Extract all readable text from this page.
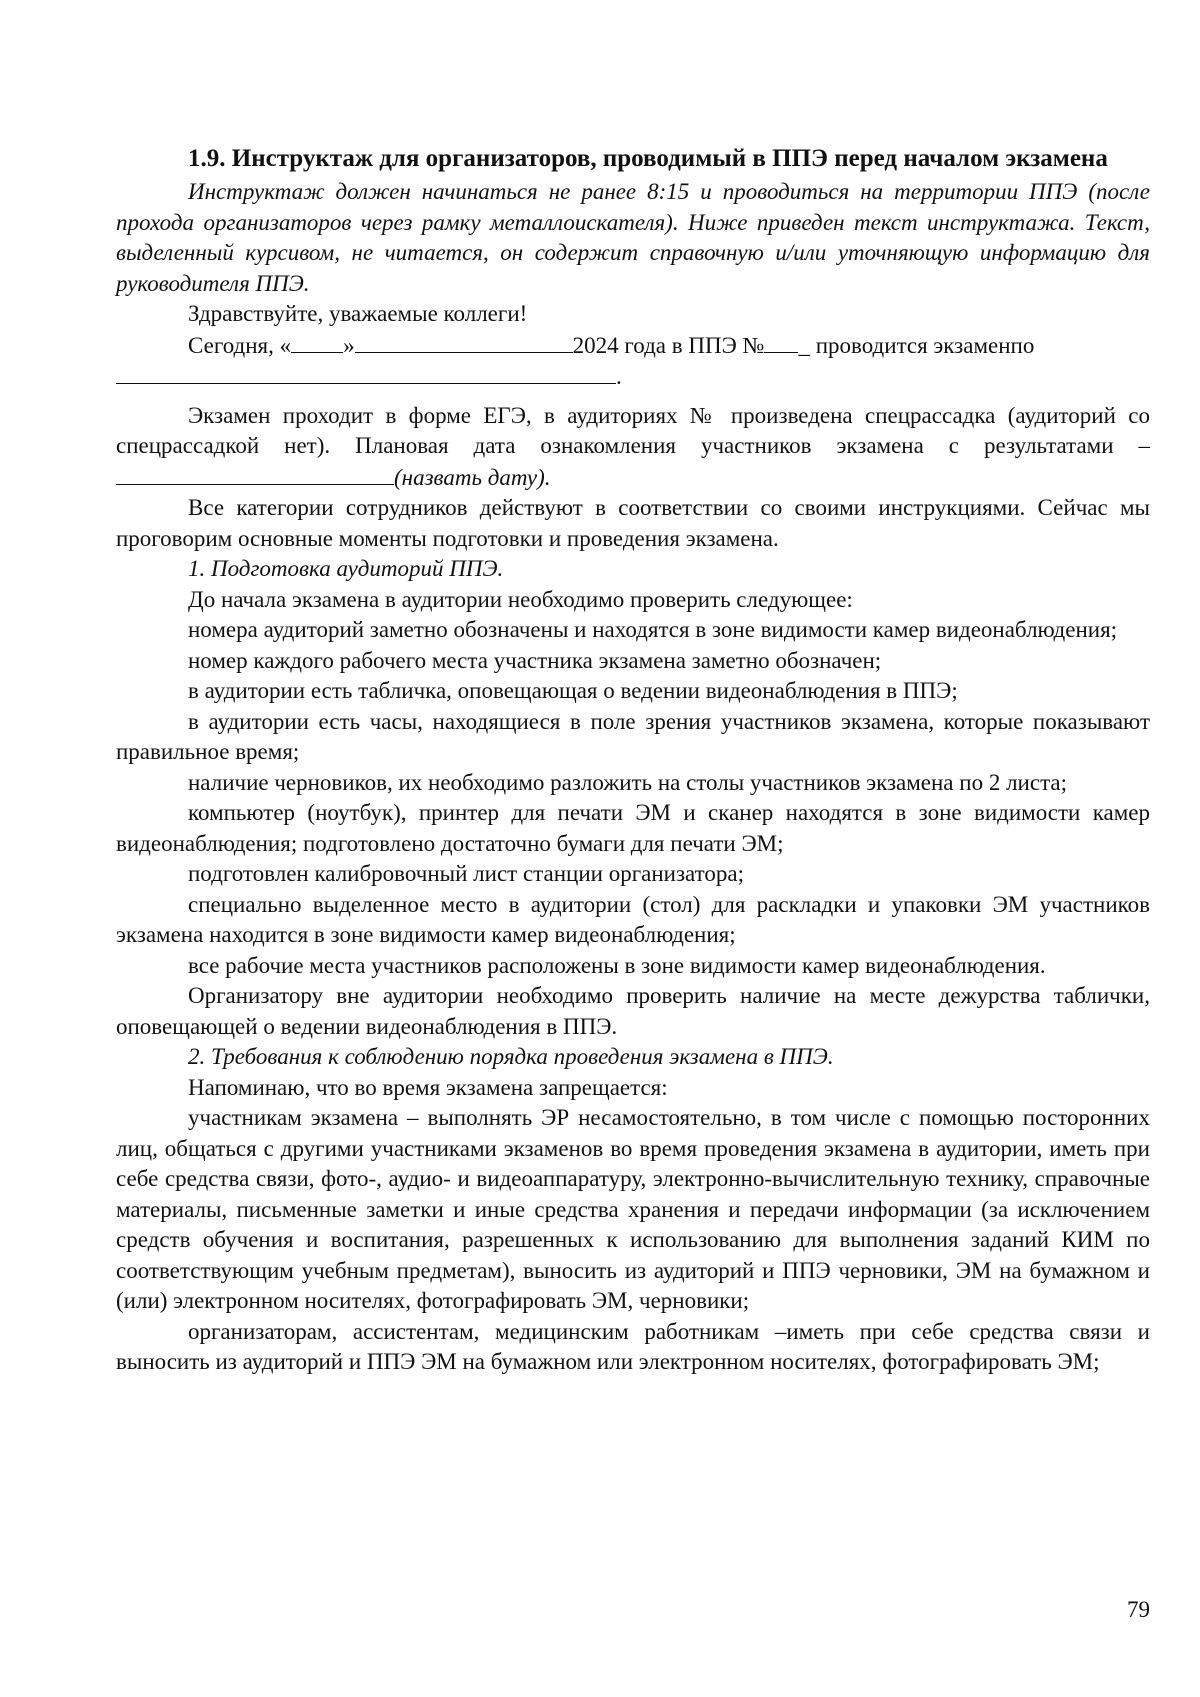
1.9. Инструктаж для организаторов, проводимый в ППЭ перед началом экзамена

Инструктаж должен начинаться не ранее 8:15 и проводиться на территории ППЭ (после прохода организаторов через рамку металлоискателя). Ниже приведен текст инструктажа. Текст, выделенный курсивом, не читается, он содержит справочную и/или уточняющую информацию для руководителя ППЭ.

Здравствуйте, уважаемые коллеги!

Сегодня, « »	2024 года в ППЭ № _ проводится экзаменпо
.

Экзамен проходит в форме ЕГЭ, в аудиториях № произведена спецрассадка (аудиторий со спецрассадкой нет). Плановая дата ознакомления участников экзамена с результатами –(назвать дату).

Все категории сотрудников действуют в соответствии со своими инструкциями. Сейчас мы проговорим основные моменты подготовки и проведения экзамена.

1. Подготовка аудиторий ППЭ.

До начала экзамена в аудитории необходимо проверить следующее:

номера аудиторий заметно обозначены и находятся в зоне видимости камер видеонаблюдения;

номер каждого рабочего места участника экзамена заметно обозначен;

в аудитории есть табличка, оповещающая о ведении видеонаблюдения в ППЭ;

в аудитории есть часы, находящиеся в поле зрения участников экзамена, которые показывают правильное время;

наличие черновиков, их необходимо разложить на столы участников экзамена по 2 листа;

компьютер (ноутбук), принтер для печати ЭМ и сканер находятся в зоне видимости камер видеонаблюдения; подготовлено достаточно бумаги для печати ЭМ;

подготовлен калибровочный лист станции организатора;

специально выделенное место в аудитории (стол) для раскладки и упаковки ЭМ участников экзамена находится в зоне видимости камер видеонаблюдения;

все рабочие места участников расположены в зоне видимости камер видеонаблюдения.

Организатору вне аудитории необходимо проверить наличие на месте дежурства таблички, оповещающей о ведении видеонаблюдения в ППЭ.

2. Требования к соблюдению порядка проведения экзамена в ППЭ.

Напоминаю, что во время экзамена запрещается:

участникам экзамена – выполнять ЭР несамостоятельно, в том числе с помощью посторонних лиц, общаться с другими участниками экзаменов во время проведения экзамена в аудитории, иметь при себе средства связи, фото-, аудио- и видеоаппаратуру, электронно-вычислительную технику, справочные материалы, письменные заметки и иные средства хранения и передачи информации (за исключением средств обучения и воспитания, разрешенных к использованию для выполнения заданий КИМ по соответствующим учебным предметам), выносить из аудиторий и ППЭ черновики, ЭМ на бумажном и (или) электронном носителях, фотографировать ЭМ, черновики;

организаторам, ассистентам, медицинским работникам –иметь при себе средства связи и выносить из аудиторий и ППЭ ЭМ на бумажном или электронном носителях, фотографировать ЭМ;

79
